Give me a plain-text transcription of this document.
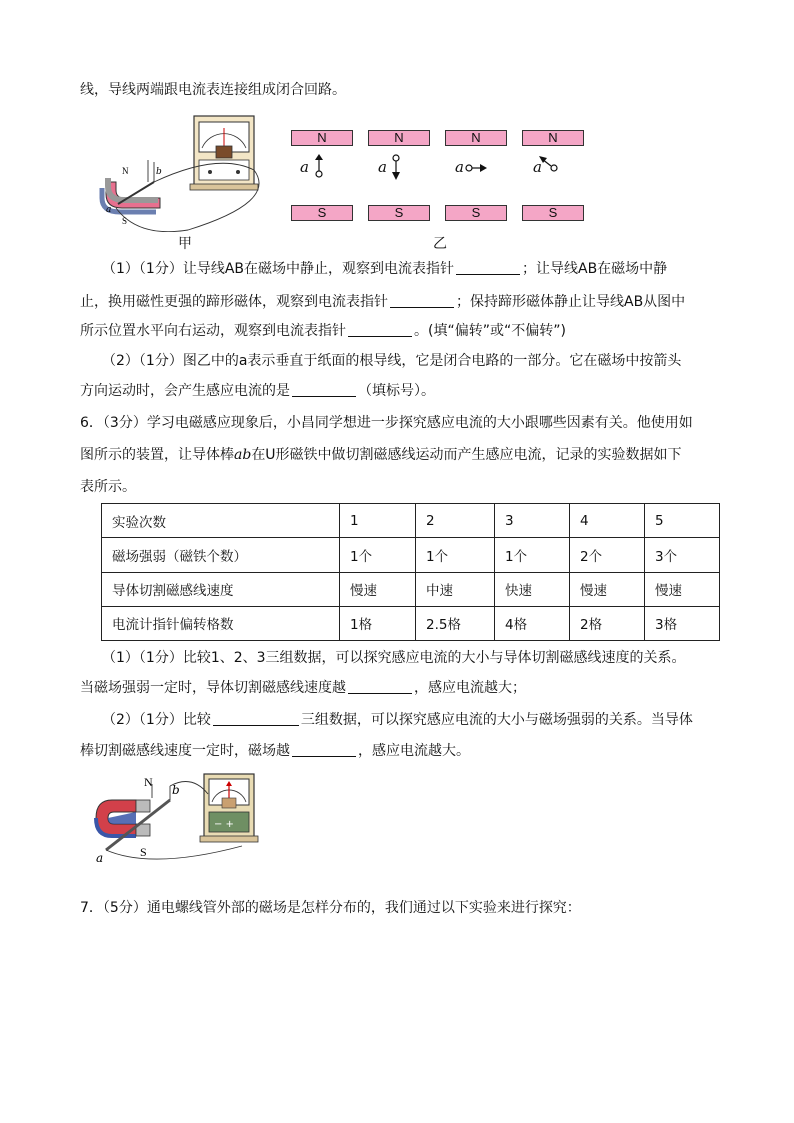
线，导线两端跟电流表连接组成闭合回路。
N
S
a
b
甲
N	N	N	N
S	S	S	S
a	a	a	a
乙
（1）（1分）让导线AB在磁场中静止，观察到电流表指针	；让导线AB在磁场中静
止，换用磁性更强的蹄形磁体，观察到电流表指针	；保持蹄形磁体静止让导线AB从图中
所示位置水平向右运动，观察到电流表指针	。(填“偏转”或“不偏转”)
（2）（1分）图乙中的a表示垂直于纸面的根导线，它是闭合电路的一部分。它在磁场中按箭头
方向运动时，会产生感应电流的是	（填标号）。
6．（3分）学习电磁感应现象后，小昌同学想进一步探究感应电流的大小跟哪些因素有关。他使用如
图所示的装置，让导体棒ab在U形磁铁中做切割磁感线运动而产生感应电流，记录的实验数据如下
表所示。
实验次数	1	2	3	4	5
磁场强弱（磁铁个数）	1个	1个	1个	2个	3个
导体切割磁感线速度	慢速	中速	快速	慢速	慢速
电流计指针偏转格数	1格	2.5格	4格	2格	3格
（1）（1分）比较1、2、3三组数据，可以探究感应电流的大小与导体切割磁感线速度的关系。
当磁场强弱一定时，导体切割磁感线速度越	，感应电流越大；
（2）（1分）比较	三组数据，可以探究感应电流的大小与磁场强弱的关系。当导体
棒切割磁感线速度一定时，磁场越	，感应电流越大。
− +
N
S
a
b
7．（5分）通电螺线管外部的磁场是怎样分布的，我们通过以下实验来进行探究：
